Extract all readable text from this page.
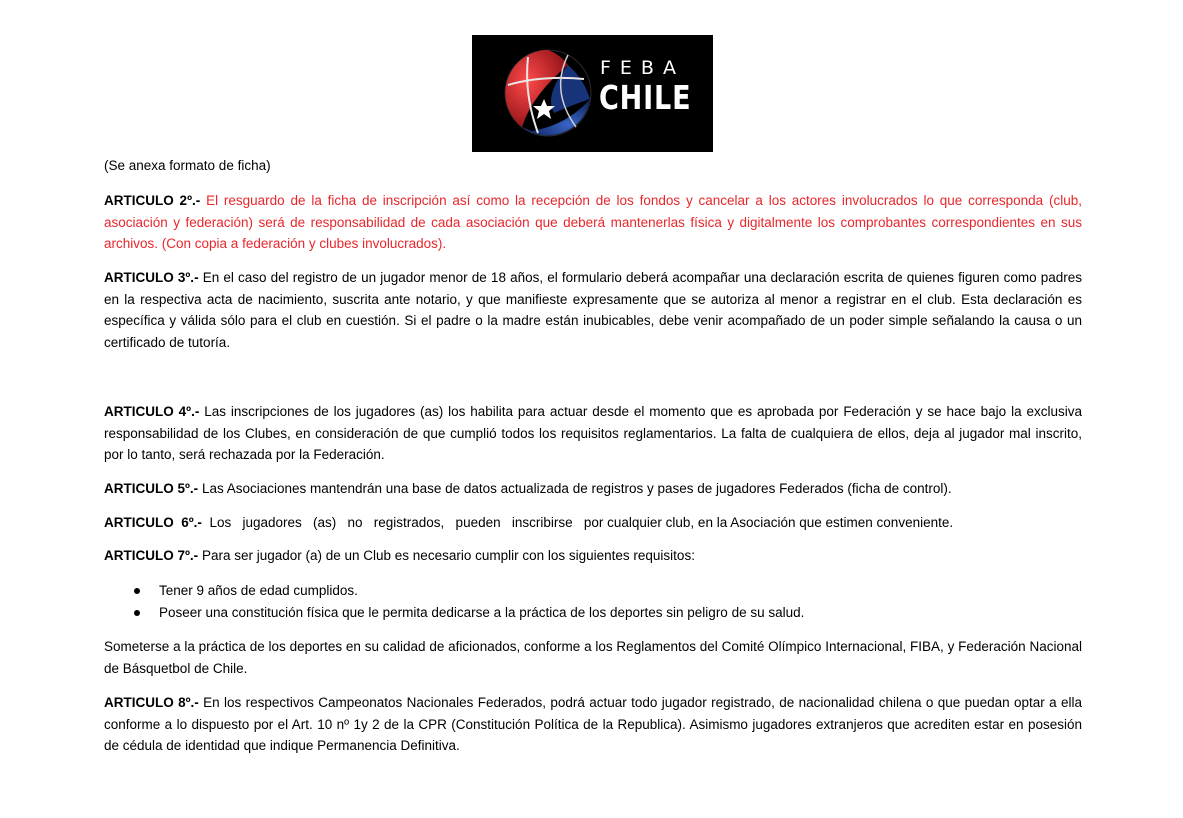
FEBA
CHILE
(Se anexa formato de ficha)
ARTICULO 2º.- El resguardo de la ficha de inscripción así como la recepción de los fondos y cancelar a los actores involucrados lo que corresponda (club, asociación y federación) será de responsabilidad de cada asociación que deberá mantenerlas física y digitalmente los comprobantes correspondientes en sus archivos. (Con copia a federación y clubes involucrados).
ARTICULO 3º.- En el caso del registro de un jugador menor de 18 años, el formulario deberá acompañar una declaración escrita de quienes figuren como padres en la respectiva acta de nacimiento, suscrita ante notario, y que manifieste expresamente que se autoriza al menor a registrar en el club. Esta declaración es específica y válida sólo para el club en cuestión. Si el padre o la madre están inubicables, debe venir acompañado de un poder simple señalando la causa o un certificado de tutoría.
ARTICULO 4º.- Las inscripciones de los jugadores (as) los habilita para actuar desde el momento que es aprobada por Federación y se hace bajo la exclusiva responsabilidad de los Clubes, en consideración de que cumplió todos los requisitos reglamentarios. La falta de cualquiera de ellos, deja al jugador mal inscrito, por lo tanto, será rechazada por la Federación.
ARTICULO 5º.- Las Asociaciones mantendrán una base de datos actualizada de registros y pases de jugadores Federados (ficha de control).
ARTICULO  6º.-  Los   jugadores   (as)   no   registrados,   pueden   inscribirse   por cualquier club, en la Asociación que estimen conveniente.
ARTICULO 7º.- Para ser jugador (a) de un Club es necesario cumplir con los siguientes requisitos:
Tener 9 años de edad cumplidos.
Poseer una constitución física que le permita dedicarse a la práctica de los deportes sin peligro de su salud.
Someterse a la práctica de los deportes en su calidad de aficionados, conforme a los Reglamentos del Comité Olímpico Internacional, FIBA, y Federación Nacional de Básquetbol de Chile.
ARTICULO 8º.- En los respectivos Campeonatos Nacionales Federados, podrá actuar todo jugador registrado, de nacionalidad chilena o que puedan optar a ella conforme a lo dispuesto por el Art. 10 nº 1y 2 de la CPR (Constitución Política de la Republica). Asimismo jugadores extranjeros que acrediten estar en posesión de cédula de identidad que indique Permanencia Definitiva.
